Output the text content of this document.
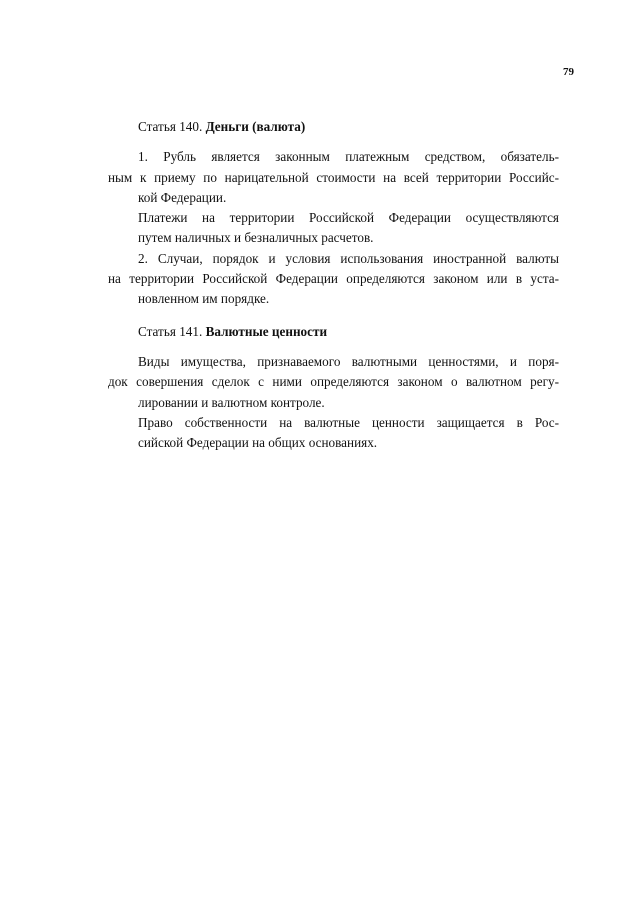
79

Статья 140. Деньги (валюта)

1. Рубль является законным платежным средством, обязатель-
ным к приему по нарицательной стоимости на всей территории Российс-
кой Федерации.

Платежи на территории Российской Федерации осуществляются
путем наличных и безналичных расчетов.

2. Случаи, порядок и условия использования иностранной валюты
на территории Российской Федерации определяются законом или в уста-
новленном им порядке.

Статья 141. Валютные ценности

Виды имущества, признаваемого валютными ценностями, и поря-
док совершения сделок с ними определяются законом о валютном регу-
лировании и валютном контроле.

Право собственности на валютные ценности защищается в Рос-
сийской Федерации на общих основаниях.
